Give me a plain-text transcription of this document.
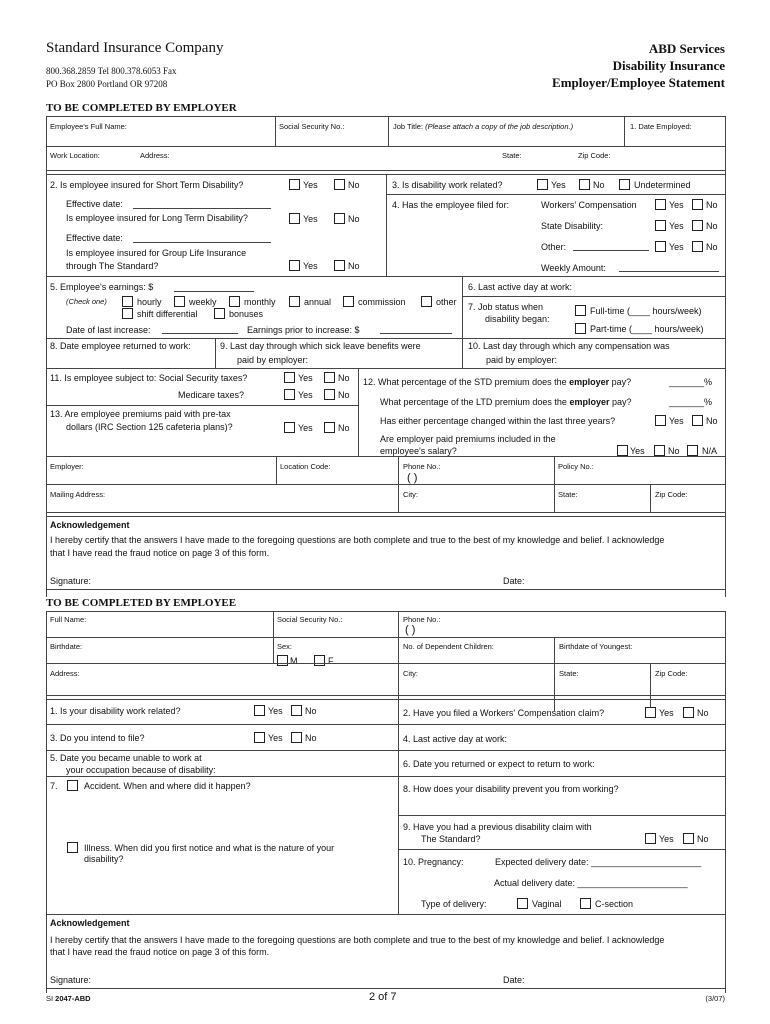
Standard Insurance Company
800.368.2859 Tel 800.378.6053 Fax
PO Box 2800 Portland OR 97208
ABD Services
Disability Insurance
Employer/Employee Statement
TO BE COMPLETED BY EMPLOYER
Employee's Full Name:	Social Security No.:	Job Title: (Please attach a copy of the job description.)	1. Date Employed:
Work Location:	Address:	State:	Zip Code:
2. Is employee insured for Short Term Disability?	Yes	No
Effective date:
Is employee insured for Long Term Disability?	Yes	No
Effective date:
Is employee insured for Group Life Insurance
through The Standard?	Yes	No
3. Is disability work related?	Yes	No	Undetermined
4. Has the employee filed for:	Workers' Compensation	Yes No
State Disability:	Yes No
Other:	Yes No
Weekly Amount:
5. Employee's earnings: $
(Check one)	hourly	weekly	monthly	annual	commission	other
shift differential	bonuses
Date of last increase:	Earnings prior to increase: $
6. Last active day at work:
7. Job status when
disability began:
Full-time (____ hours/week)
Part-time (____ hours/week)
8. Date employee returned to work:	9. Last day through which sick leave benefits were
paid by employer:
10. Last day through which any compensation was
paid by employer:
11. Is employee subject to: Social Security taxes?	Yes	No
Medicare taxes?	Yes	No
13. Are employee premiums paid with pre-tax
dollars (IRC Section 125 cafeteria plans)?	Yes	No
12. What percentage of the STD premium does the employer pay?	_______%
What percentage of the LTD premium does the employer pay?	_______%
Has either percentage changed within the last three years?	Yes No
Are employer paid premiums included in the
employee's salary?	Yes	No N/A
Employer:	Location Code:	Phone No.:
( )
Policy No.:
Mailing Address:	City:	State:	Zip Code:
Acknowledgement
I hereby certify that the answers I have made to the foregoing questions are both complete and true to the best of my knowledge and belief. I acknowledge
that I have read the fraud notice on page 3 of this form.
Signature:	Date:
TO BE COMPLETED BY EMPLOYEE
Full Name:	Social Security No.:	Phone No.:
( )
Birthdate:	Sex:
M	F
No. of Dependent Children:	Birthdate of Youngest:
Address:	City:	State:	Zip Code:
1. Is your disability work related?	Yes No	2. Have you filed a Workers' Compensation claim?	Yes	No
3. Do you intend to file?	Yes No	4. Last active day at work:
5. Date you became unable to work at
your occupation because of disability:
6. Date you returned or expect to return to work:
7.	Accident. When and where did it happen?	8. How does your disability prevent you from working?
9. Have you had a previous disability claim with
The Standard?	Yes	No
Illness. When did you first notice and what is the nature of your
disability?	10. Pregnancy:	Expected delivery date: ______________________
Actual delivery date: ______________________
Type of delivery:	Vaginal	C-section
Acknowledgement
I hereby certify that the answers I have made to the foregoing questions are both complete and true to the best of my knowledge and belief. I acknowledge
that I have read the fraud notice on page 3 of this form.
Signature:	Date:
SI 2047-ABD	2 of 7	(3/07)
